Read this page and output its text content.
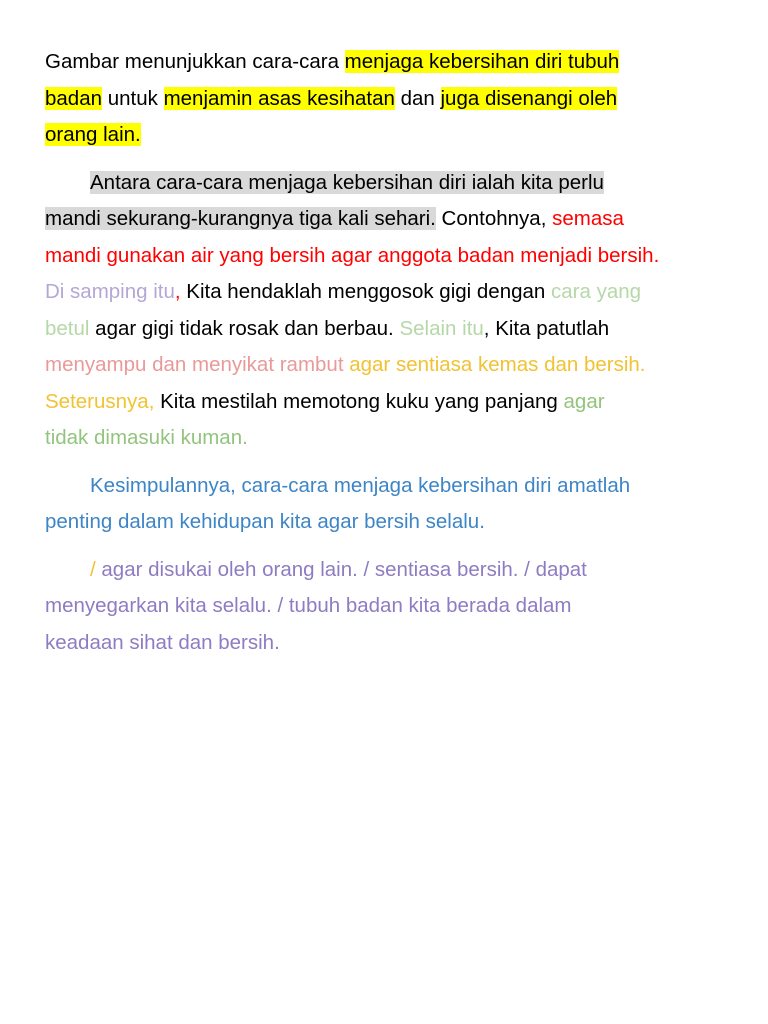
Gambar menunjukkan cara-cara menjaga kebersihan diri tubuh
badan untuk menjamin asas kesihatan dan juga disenangi oleh
orang lain.

Antara cara-cara menjaga kebersihan diri ialah kita perlu
mandi sekurang-kurangnya tiga kali sehari. Contohnya, semasa
mandi gunakan air yang bersih agar anggota badan menjadi bersih.
Di samping itu, Kita hendaklah menggosok gigi dengan cara yang
betul agar gigi tidak rosak dan berbau. Selain itu, Kita patutlah
menyampu dan menyikat rambut agar sentiasa kemas dan bersih.
Seterusnya, Kita mestilah memotong kuku yang panjang agar
tidak dimasuki kuman.

Kesimpulannya, cara-cara menjaga kebersihan diri amatlah
penting dalam kehidupan kita agar bersih selalu.

/ agar disukai oleh orang lain. / sentiasa bersih. / dapat
menyegarkan kita selalu. / tubuh badan kita berada dalam
keadaan sihat dan bersih.
